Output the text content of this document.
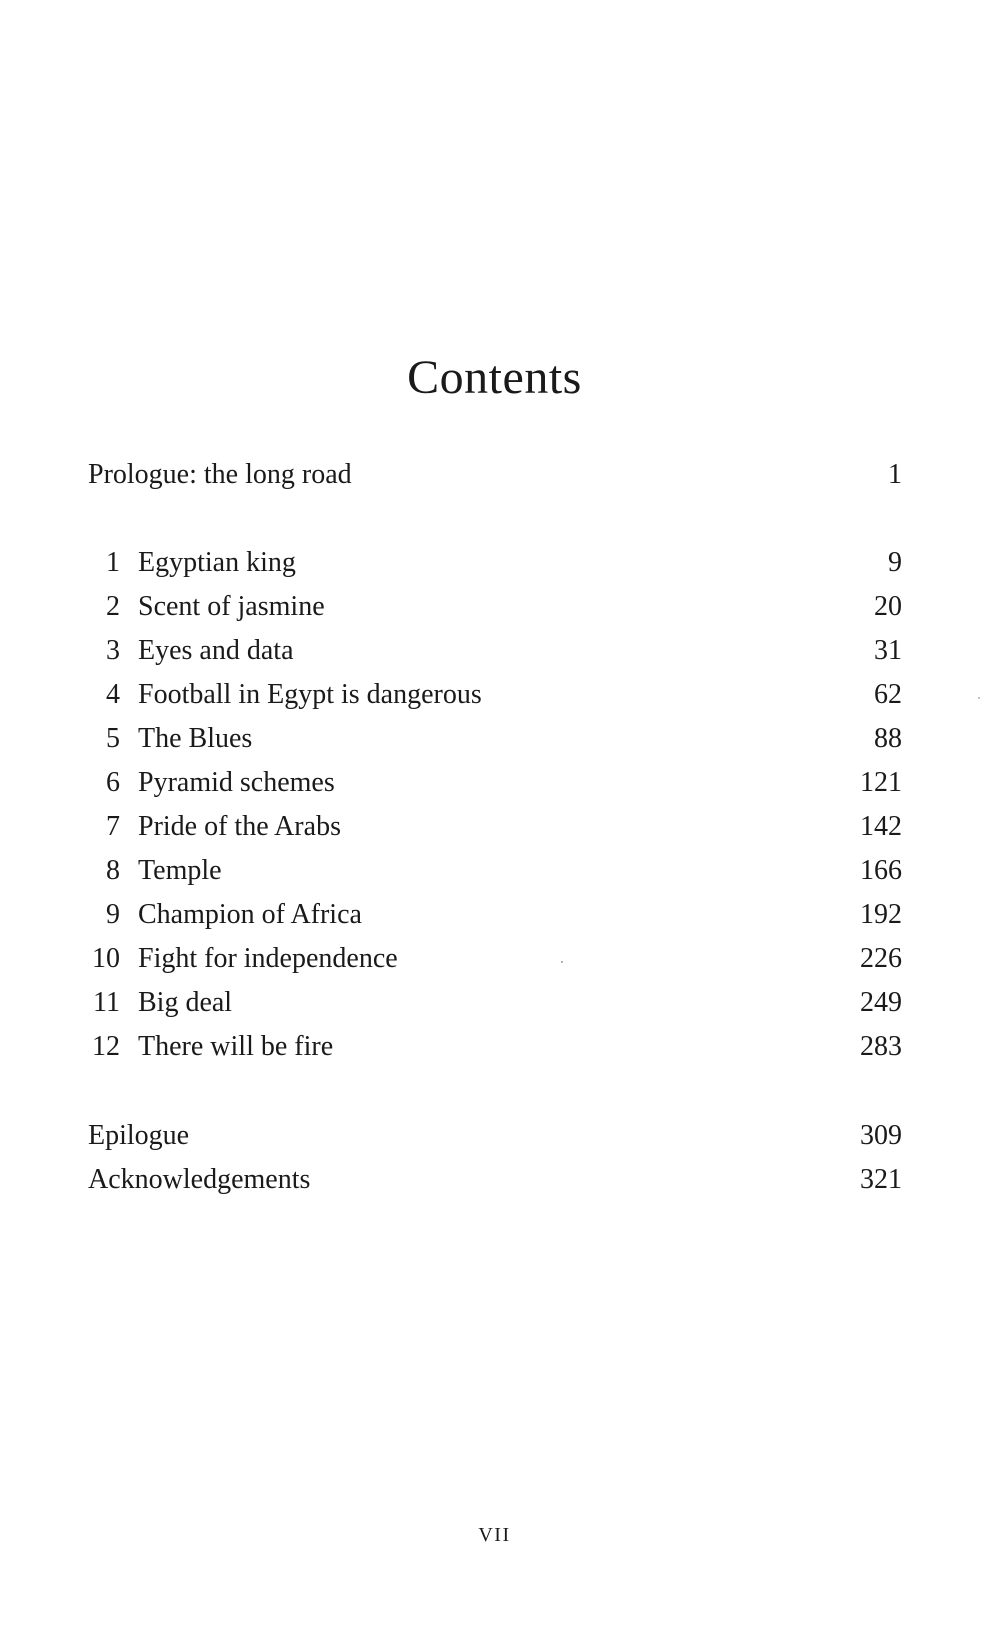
Contents
Prologue: the long road	1
1 Egyptian king	9
2 Scent of jasmine	20
3 Eyes and data	31
4 Football in Egypt is dangerous	62
5 The Blues	88
6 Pyramid schemes	121
7 Pride of the Arabs	142
8 Temple	166
9 Champion of Africa	192
10 Fight for independence	226
11 Big deal	249
12 There will be fire	283
Epilogue	309
Acknowledgements	321
VII
